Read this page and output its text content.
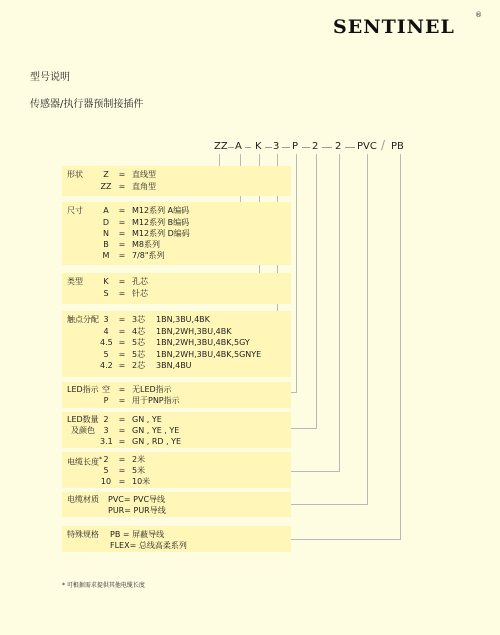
SENTINEL
®
型号说明
传感器/执行器预制接插件
ZZ A K 3 P 2 2 PVC / PB
形状	Z = 直线型
ZZ = 直角型
尺寸	A = M12系列 A编码
D = M12系列 B编码
N = M12系列 D编码
B = M8系列
M = 7/8"系列
类型	K = 孔芯
S = 针芯
触点分配 3 = 3芯 1BN,3BU,4BK
4 = 4芯 1BN,2WH,3BU,4BK
4.5 = 5芯 1BN,2WH,3BU,4BK,5GY
5 = 5芯 1BN,2WH,3BU,4BK,5GNYE
4.2 = 2芯 3BN,4BU
LED指示 空 = 无LED指示
P = 用于PNP指示
LED数量
及颜色
2 = GN , YE
3 = GN , YE , YE
3.1 = GN , RD , YE
电缆长度* 2 = 2米
5 = 5米
10 = 10米
电缆材质 PVC= PVC导线
PUR= PUR导线
特殊规格 PB = 屏蔽导线
FLEX= 总线高柔系列
* 可根据需求提供其他电缆长度
